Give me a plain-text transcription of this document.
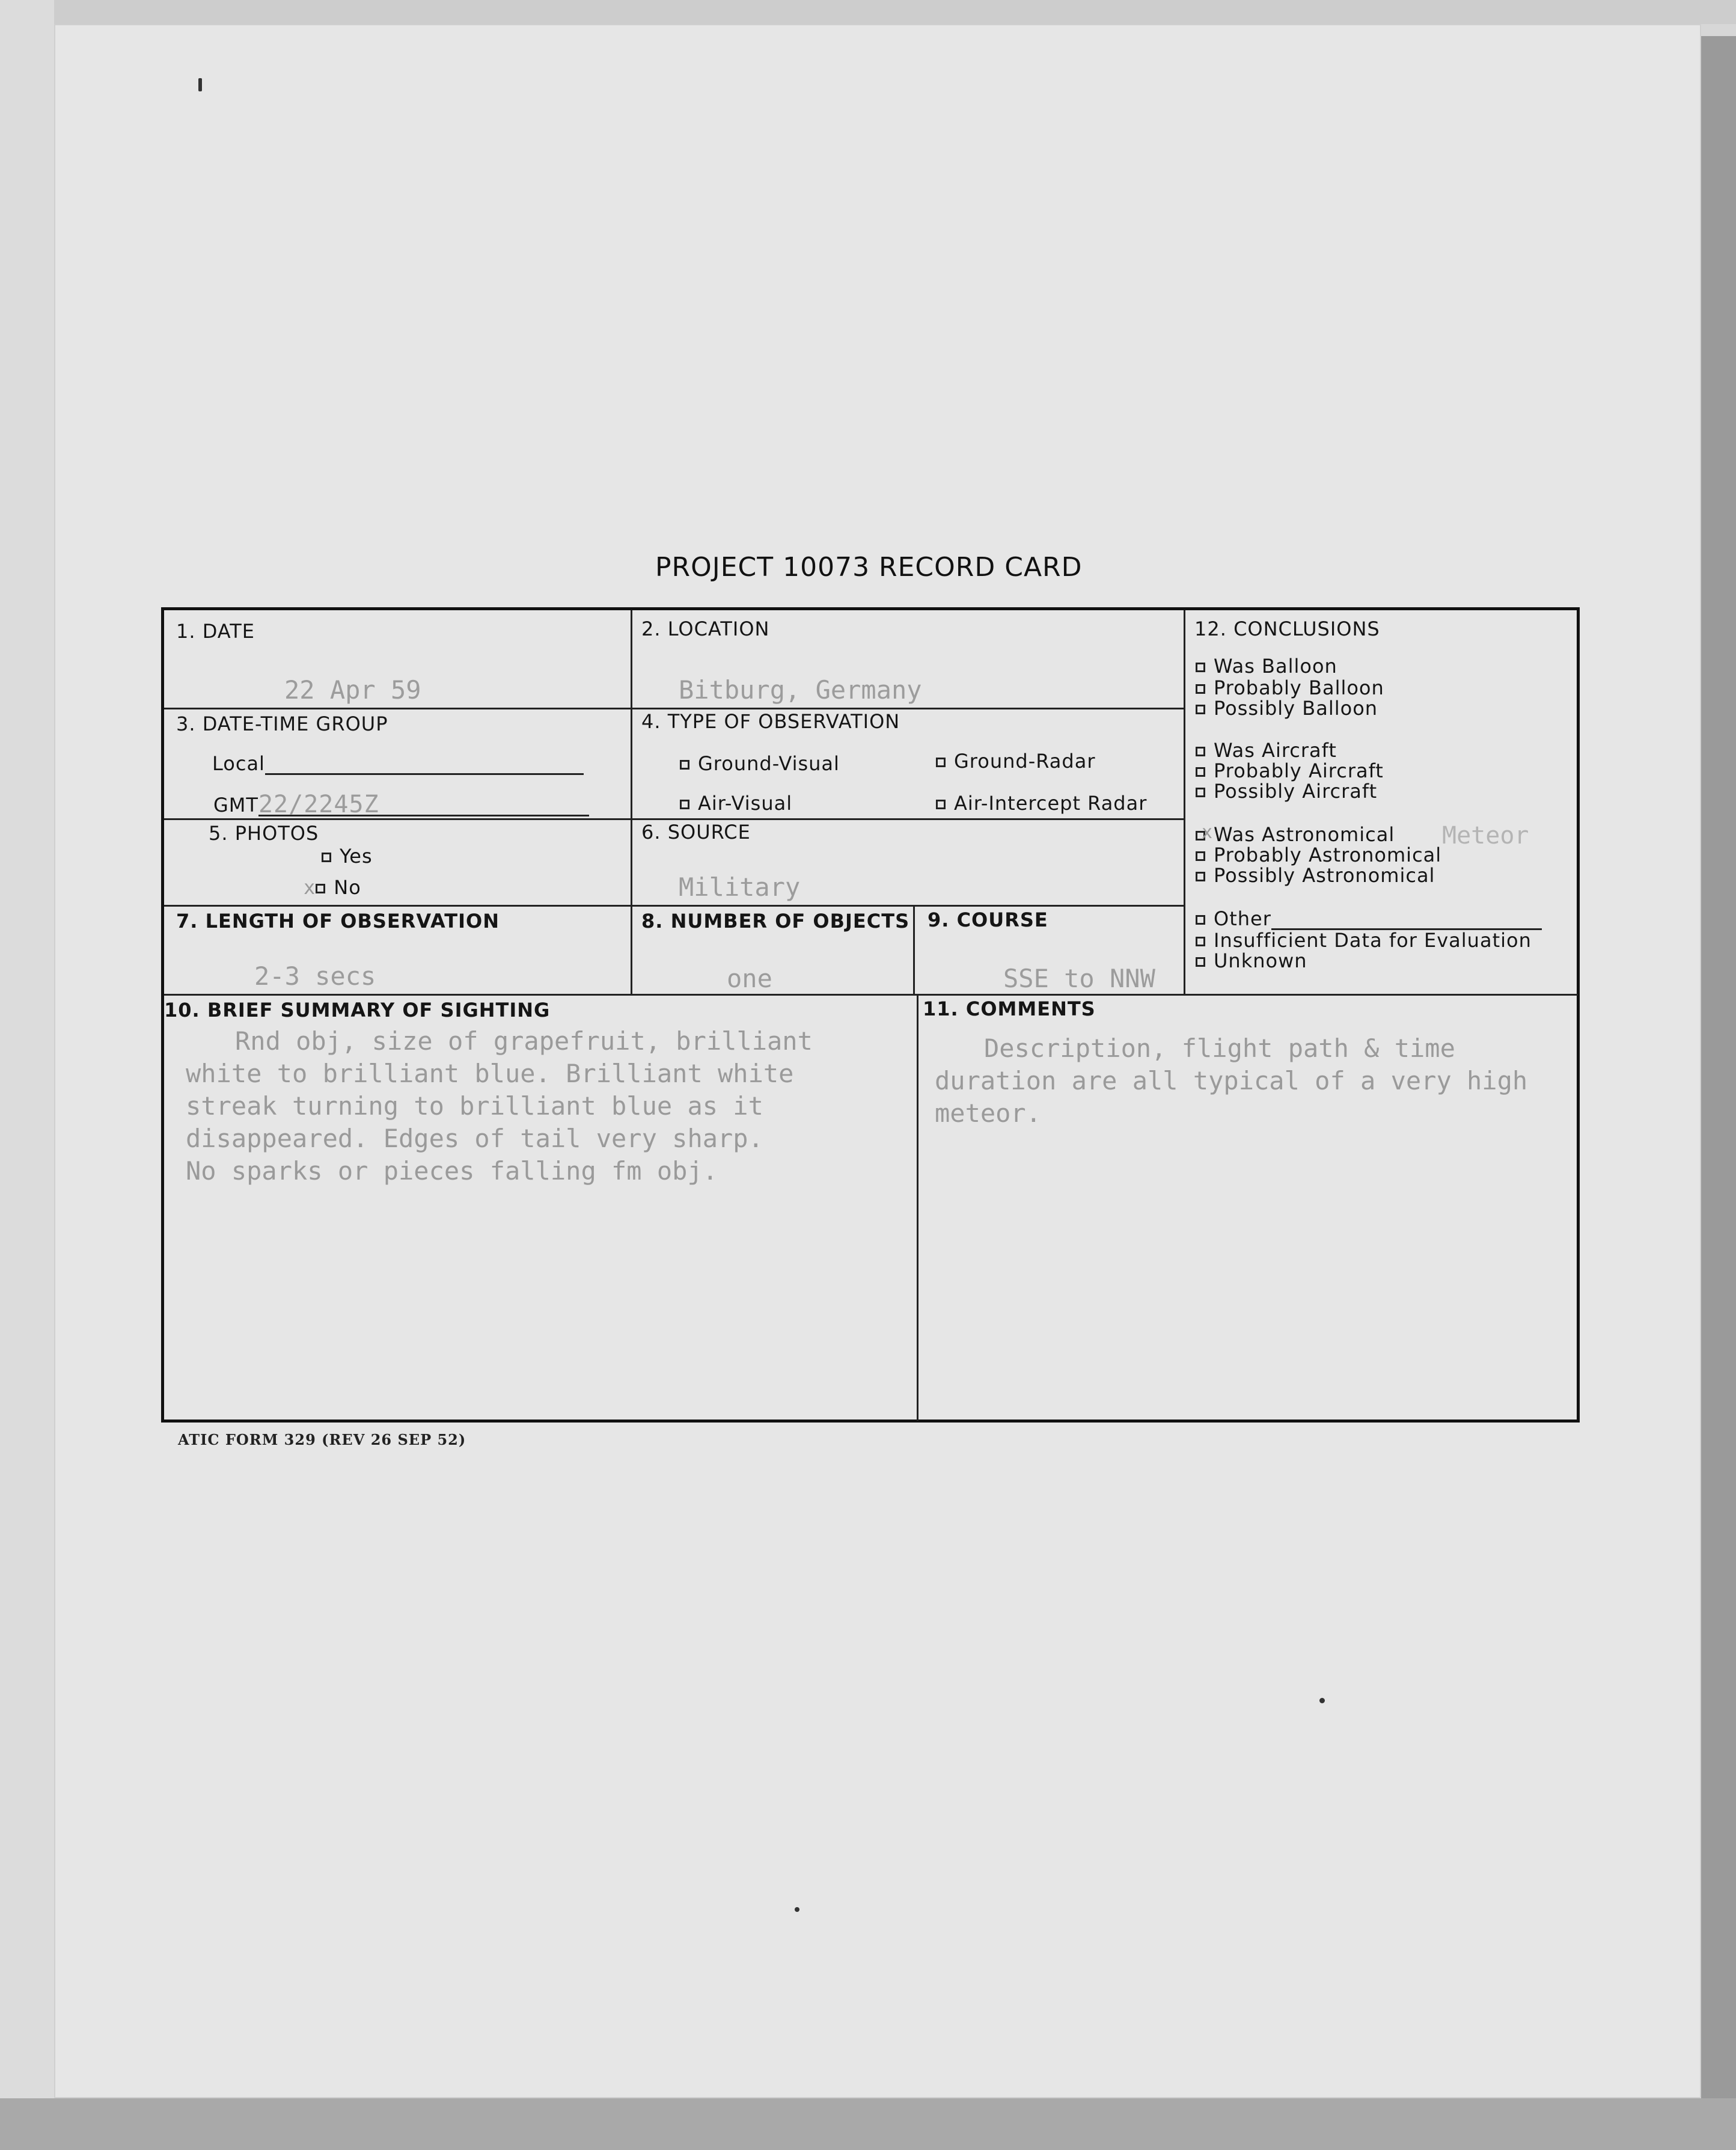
PROJECT 10073 RECORD CARD
1. DATE
22 Apr 59
2. LOCATION
Bitburg, Germany
3. DATE-TIME GROUP
Local
GMT22/2245Z
4. TYPE OF OBSERVATION
Ground-Visual	Ground-Radar
Air-Visual	Air-Intercept Radar
5. PHOTOS
Yes
x No
6. SOURCE
Military
7. LENGTH OF OBSERVATION
2-3 secs
8. NUMBER OF OBJECTS
one
9. COURSE
SSE to NNW
10. BRIEF SUMMARY OF SIGHTING
Rnd obj, size of grapefruit, brilliant
white to brilliant blue. Brilliant white
streak turning to brilliant blue as it
disappeared. Edges of tail very sharp.
No sparks or pieces falling fm obj.
11. COMMENTS
Description, flight path & time
duration are all typical of a very high
meteor.
12. CONCLUSIONS
Was Balloon
Probably Balloon
Possibly Balloon
Was Aircraft
Probably Aircraft
Possibly Aircraft
x Was Astronomical Meteor
Probably Astronomical
Possibly Astronomical
Other
Insufficient Data for Evaluation
Unknown
ATIC FORM 329 (REV 26 SEP 52)
